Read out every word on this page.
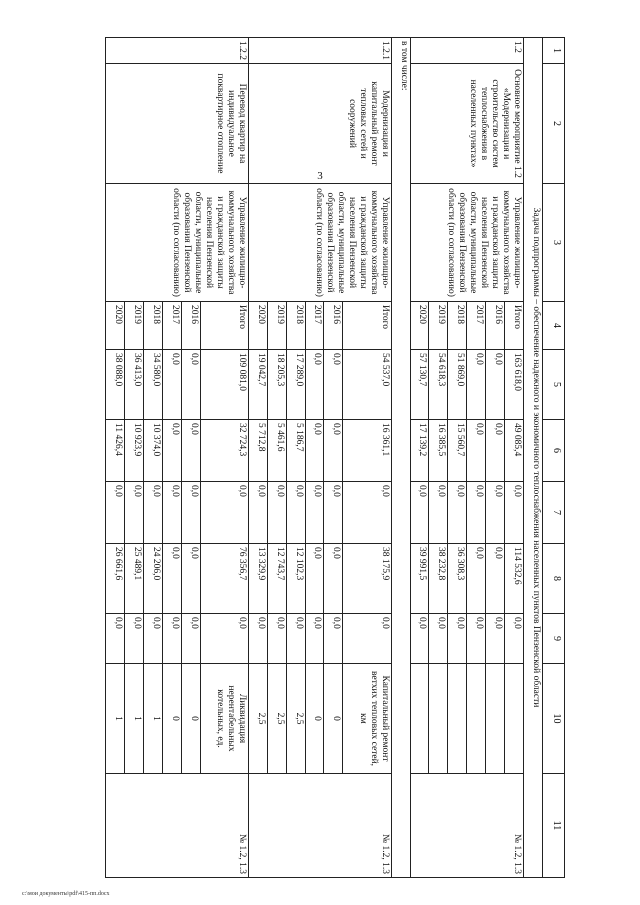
3
1	2	3	4	5	6	7	8	9	10	11
Задача подпрограммы – обеспечение надежного и экономичного теплоснабжения населенных пунктов Пензенской области										
1.2	Основное мероприятие 1.2 «Модернизация и строительство систем теплоснабжения в населенных пунктах»	Управление жилищно-коммунального хозяйства и гражданской защиты населения Пензенской области, муниципальные образования Пензенской области (по согласованию)	Итого	163 618,0	49 085,4	0,0	114 532,6	0,0		№ 1.2, 1.3
			2016	0,0	0,0	0,0	0,0	0,0		
			2017	0,0	0,0	0,0	0,0	0,0		
			2018	51 869,0	15 560,7	0,0	36 308,3	0,0		
			2019	54 618,3	16 385,5	0,0	38 232,8	0,0		
			2020	57 130,7	17 139,2	0,0	39 991,5	0,0		
в том числе:										
1.2.1	Модернизация и капитальный ремонт тепловых сетей и сооружений	Управление жилищно-коммунального хозяйства и гражданской защиты населения Пензенской области, муниципальные образования Пензенской области (по согласованию)	Итого	54 537,0	16 361,1	0,0	38 175,9	0,0	Капитальный ремонт ветхих тепловых сетей, км	№ 1.2, 1.3
			2016	0,0	0,0	0,0	0,0	0,0	0	
			2017	0,0	0,0	0,0	0,0	0,0	0	
			2018	17 289,0	5 186,7	0,0	12 102,3	0,0	2,5	
			2019	18 205,3	5 461,6	0,0	12 743,7	0,0	2,5	
			2020	19 042,7	5 712,8	0,0	13 329,9	0,0	2,5	
1.2.2	Перевод квартир на индивидуальное поквартирное отопление	Управление жилищно-коммунального хозяйства и гражданской защиты населения Пензенской области, муниципальные образования Пензенской области (по согласованию)	Итого	109 081,0	32 724,3	0,0	76 356,7	0,0	Ликвидация нерентабельных котельных, ед.	№ 1.2, 1.3
			2016	0,0	0,0	0,0	0,0	0,0	0	
			2017	0,0	0,0	0,0	0,0	0,0	0	
			2018	34 580,0	10 374,0	0,0	24 206,0	0,0	1	
			2019	36 413,0	10 923,9	0,0	25 489,1	0,0	1	
			2020	38 088,0	11 426,4	0,0	26 661,6	0,0	1	
c:\мои документы\pdf\415-пп.docx
